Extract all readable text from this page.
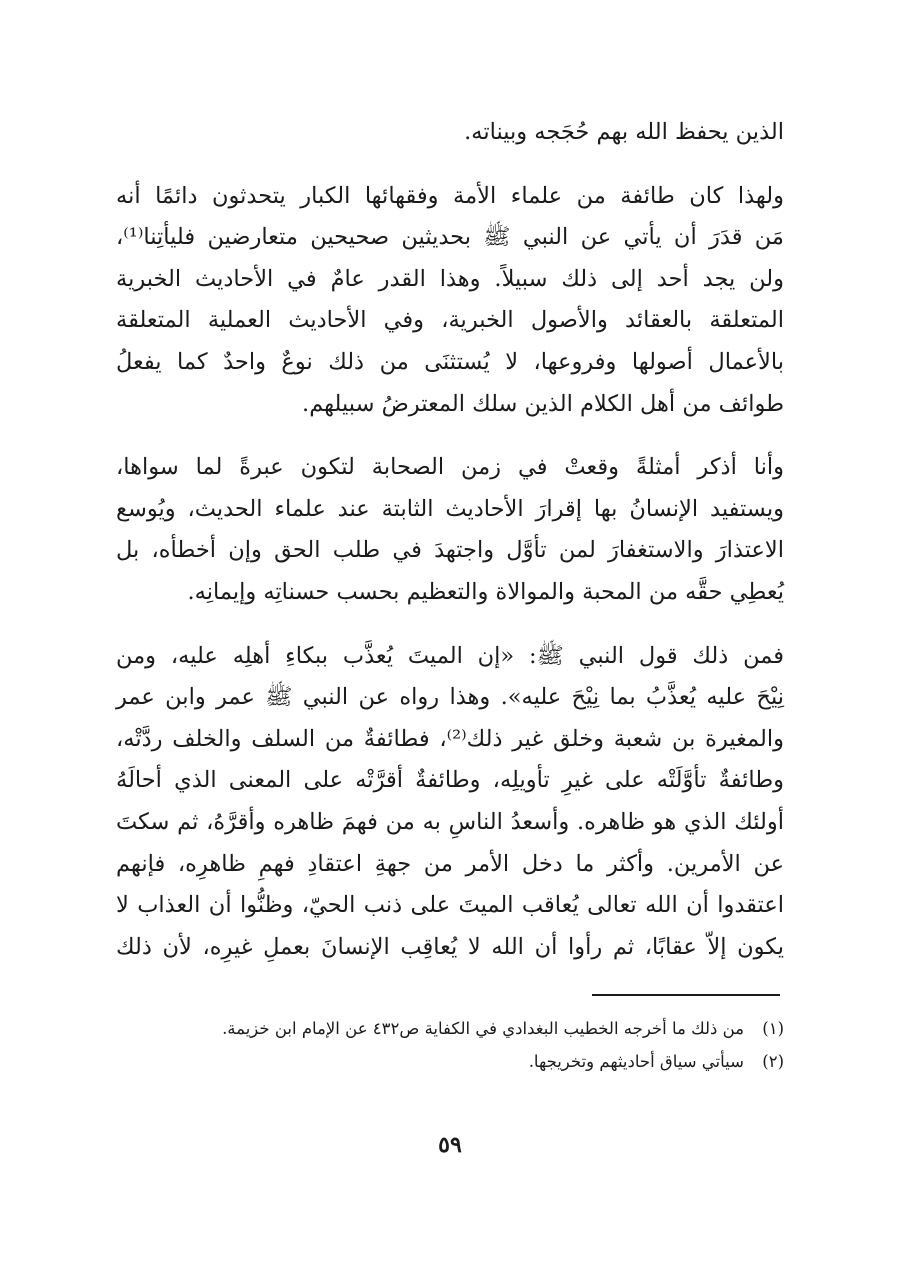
الذين يحفظ الله بهم حُجَجه وبيناته.
ولهذا كان طائفة من علماء الأمة وفقهائها الكبار يتحدثون دائمًا أنه
مَن قدَرَ أن يأتي عن النبي ﷺ بحديثين صحيحين متعارضين فليأتِنا⁽¹⁾،
ولن يجد أحد إلى ذلك سبيلاً. وهذا القدر عامٌ في الأحاديث الخبرية
المتعلقة بالعقائد والأصول الخبرية، وفي الأحاديث العملية المتعلقة
بالأعمال أصولها وفروعها، لا يُستثنَى من ذلك نوعٌ واحدٌ كما يفعلُ
طوائف من أهل الكلام الذين سلك المعترضُ سبيلهم.
وأنا أذكر أمثلةً وقعتْ في زمن الصحابة لتكون عبرةً لما سواها،
ويستفيد الإنسانُ بها إقرارَ الأحاديث الثابتة عند علماء الحديث، ويُوسع
الاعتذارَ والاستغفارَ لمن تأوَّل واجتهدَ في طلب الحق وإن أخطأه، بل
يُعطِي حقَّه من المحبة والموالاة والتعظيم بحسب حسناتِه وإيمانِه.
فمن ذلك قول النبي ﷺ: «إن الميتَ يُعذَّب ببكاءِ أهلِه عليه، ومن
نِيْحَ عليه يُعذَّبُ بما نِيْحَ عليه». وهذا رواه عن النبي ﷺ عمر وابن عمر
والمغيرة بن شعبة وخلق غير ذلك⁽²⁾، فطائفةٌ من السلف والخلف ردَّتْه،
وطائفةٌ تأوَّلَتْه على غيرِ تأويلِه، وطائفةٌ أقرَّتْه على المعنى الذي أحالَهُ
أولئك الذي هو ظاهره. وأسعدُ الناسِ به من فهمَ ظاهره وأقرَّهُ، ثم سكتَ
عن الأمرين. وأكثر ما دخل الأمر من جهةِ اعتقادِ فهمِ ظاهرِه، فإنهم
اعتقدوا أن الله تعالى يُعاقب الميتَ على ذنب الحيّ، وظنُّوا أن العذاب لا
يكون إلاّ عقابًا، ثم رأوا أن الله لا يُعاقِب الإنسانَ بعملِ غيرِه، لأن ذلك
(١)
من ذلك ما أخرجه الخطيب البغدادي في الكفاية ص٤٣٢ عن الإمام ابن خزيمة.
(٢)
سيأتي سياق أحاديثهم وتخريجها.
٥٩
